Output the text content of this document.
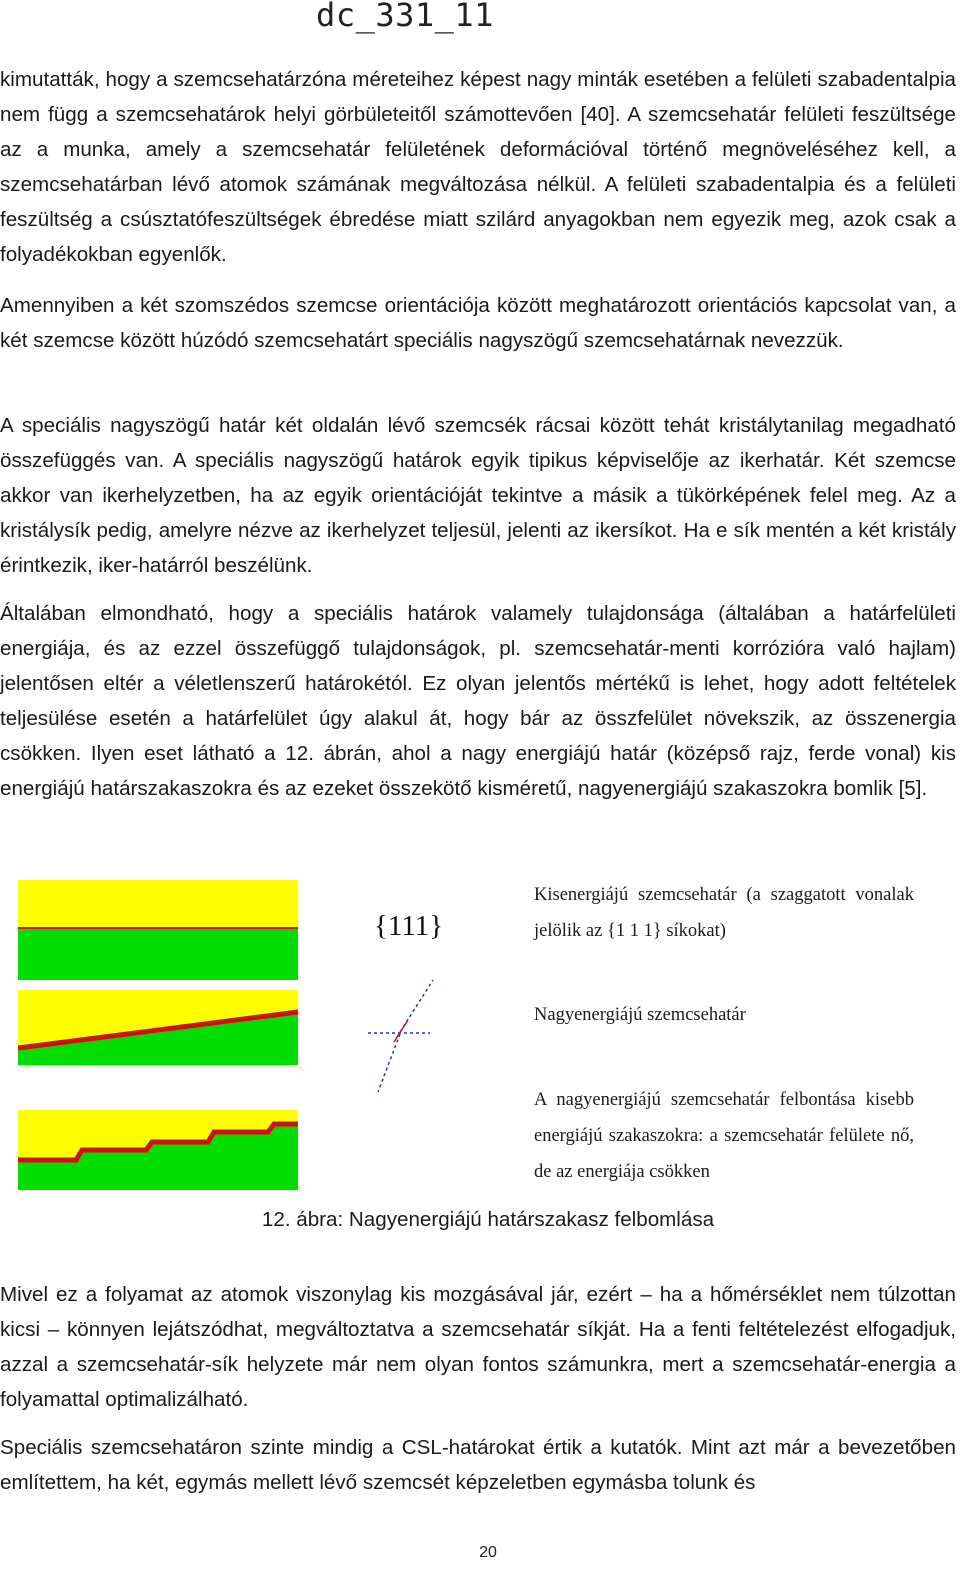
dc_331_11

kimutatták, hogy a szemcsehatárzóna méreteihez képest nagy minták esetében a felületi szabadentalpia nem függ a szemcsehatárok helyi görbületeitől számottevően [40]. A szemcsehatár felületi feszültsége az a munka, amely a szemcsehatár felületének deformációval történő megnöveléséhez kell, a szemcsehatárban lévő atomok számának megváltozása nélkül. A felületi szabadentalpia és a felületi feszültség a csúsztatófeszültségek ébredése miatt szilárd anyagokban nem egyezik meg, azok csak a folyadékokban egyenlők.

Amennyiben a két szomszédos szemcse orientációja között meghatározott orientációs kapcsolat van, a két szemcse között húzódó szemcsehatárt speciális nagyszögű szemcsehatárnak nevezzük.

A speciális nagyszögű határ két oldalán lévő szemcsék rácsai között tehát kristálytanilag megadható összefüggés van. A speciális nagyszögű határok egyik tipikus képviselője az ikerhatár. Két szemcse akkor van ikerhelyzetben, ha az egyik orientációját tekintve a másik a tükörképének felel meg. Az a kristálysík pedig, amelyre nézve az ikerhelyzet teljesül, jelenti az ikersíkot. Ha e sík mentén a két kristály érintkezik, iker-határról beszélünk.

Általában elmondható, hogy a speciális határok valamely tulajdonsága (általában a határfelületi energiája, és az ezzel összefüggő tulajdonságok, pl. szemcsehatár-menti korrózióra való hajlam) jelentősen eltér a véletlenszerű határokétól. Ez olyan jelentős mértékű is lehet, hogy adott feltételek teljesülése esetén a határfelület úgy alakul át, hogy bár az összfelület növekszik, az összenergia csökken. Ilyen eset látható a 12. ábrán, ahol a nagy energiájú határ (középső rajz, ferde vonal) kis energiájú határszakaszokra és az ezeket összekötő kisméretű, nagyenergiájú szakaszokra bomlik [5].

{111}

Kisenergiájú szemcsehatár (a szaggatott vonalak jelölik az {1 1 1} síkokat)

Nagyenergiájú szemcsehatár

A nagyenergiájú szemcsehatár felbontása kisebb energiájú szakaszokra: a szemcsehatár felülete nő, de az energiája csökken

12. ábra: Nagyenergiájú határszakasz felbomlása

Mivel ez a folyamat az atomok viszonylag kis mozgásával jár, ezért – ha a hőmérséklet nem túlzottan kicsi – könnyen lejátszódhat, megváltoztatva a szemcsehatár síkját. Ha a fenti feltételezést elfogadjuk, azzal a szemcsehatár-sík helyzete már nem olyan fontos számunkra, mert a szemcsehatár-energia a folyamattal optimalizálható.

Speciális szemcsehatáron szinte mindig a CSL-határokat értik a kutatók. Mint azt már a bevezetőben említettem, ha két, egymás mellett lévő szemcsét képzeletben egymásba tolunk és

20
